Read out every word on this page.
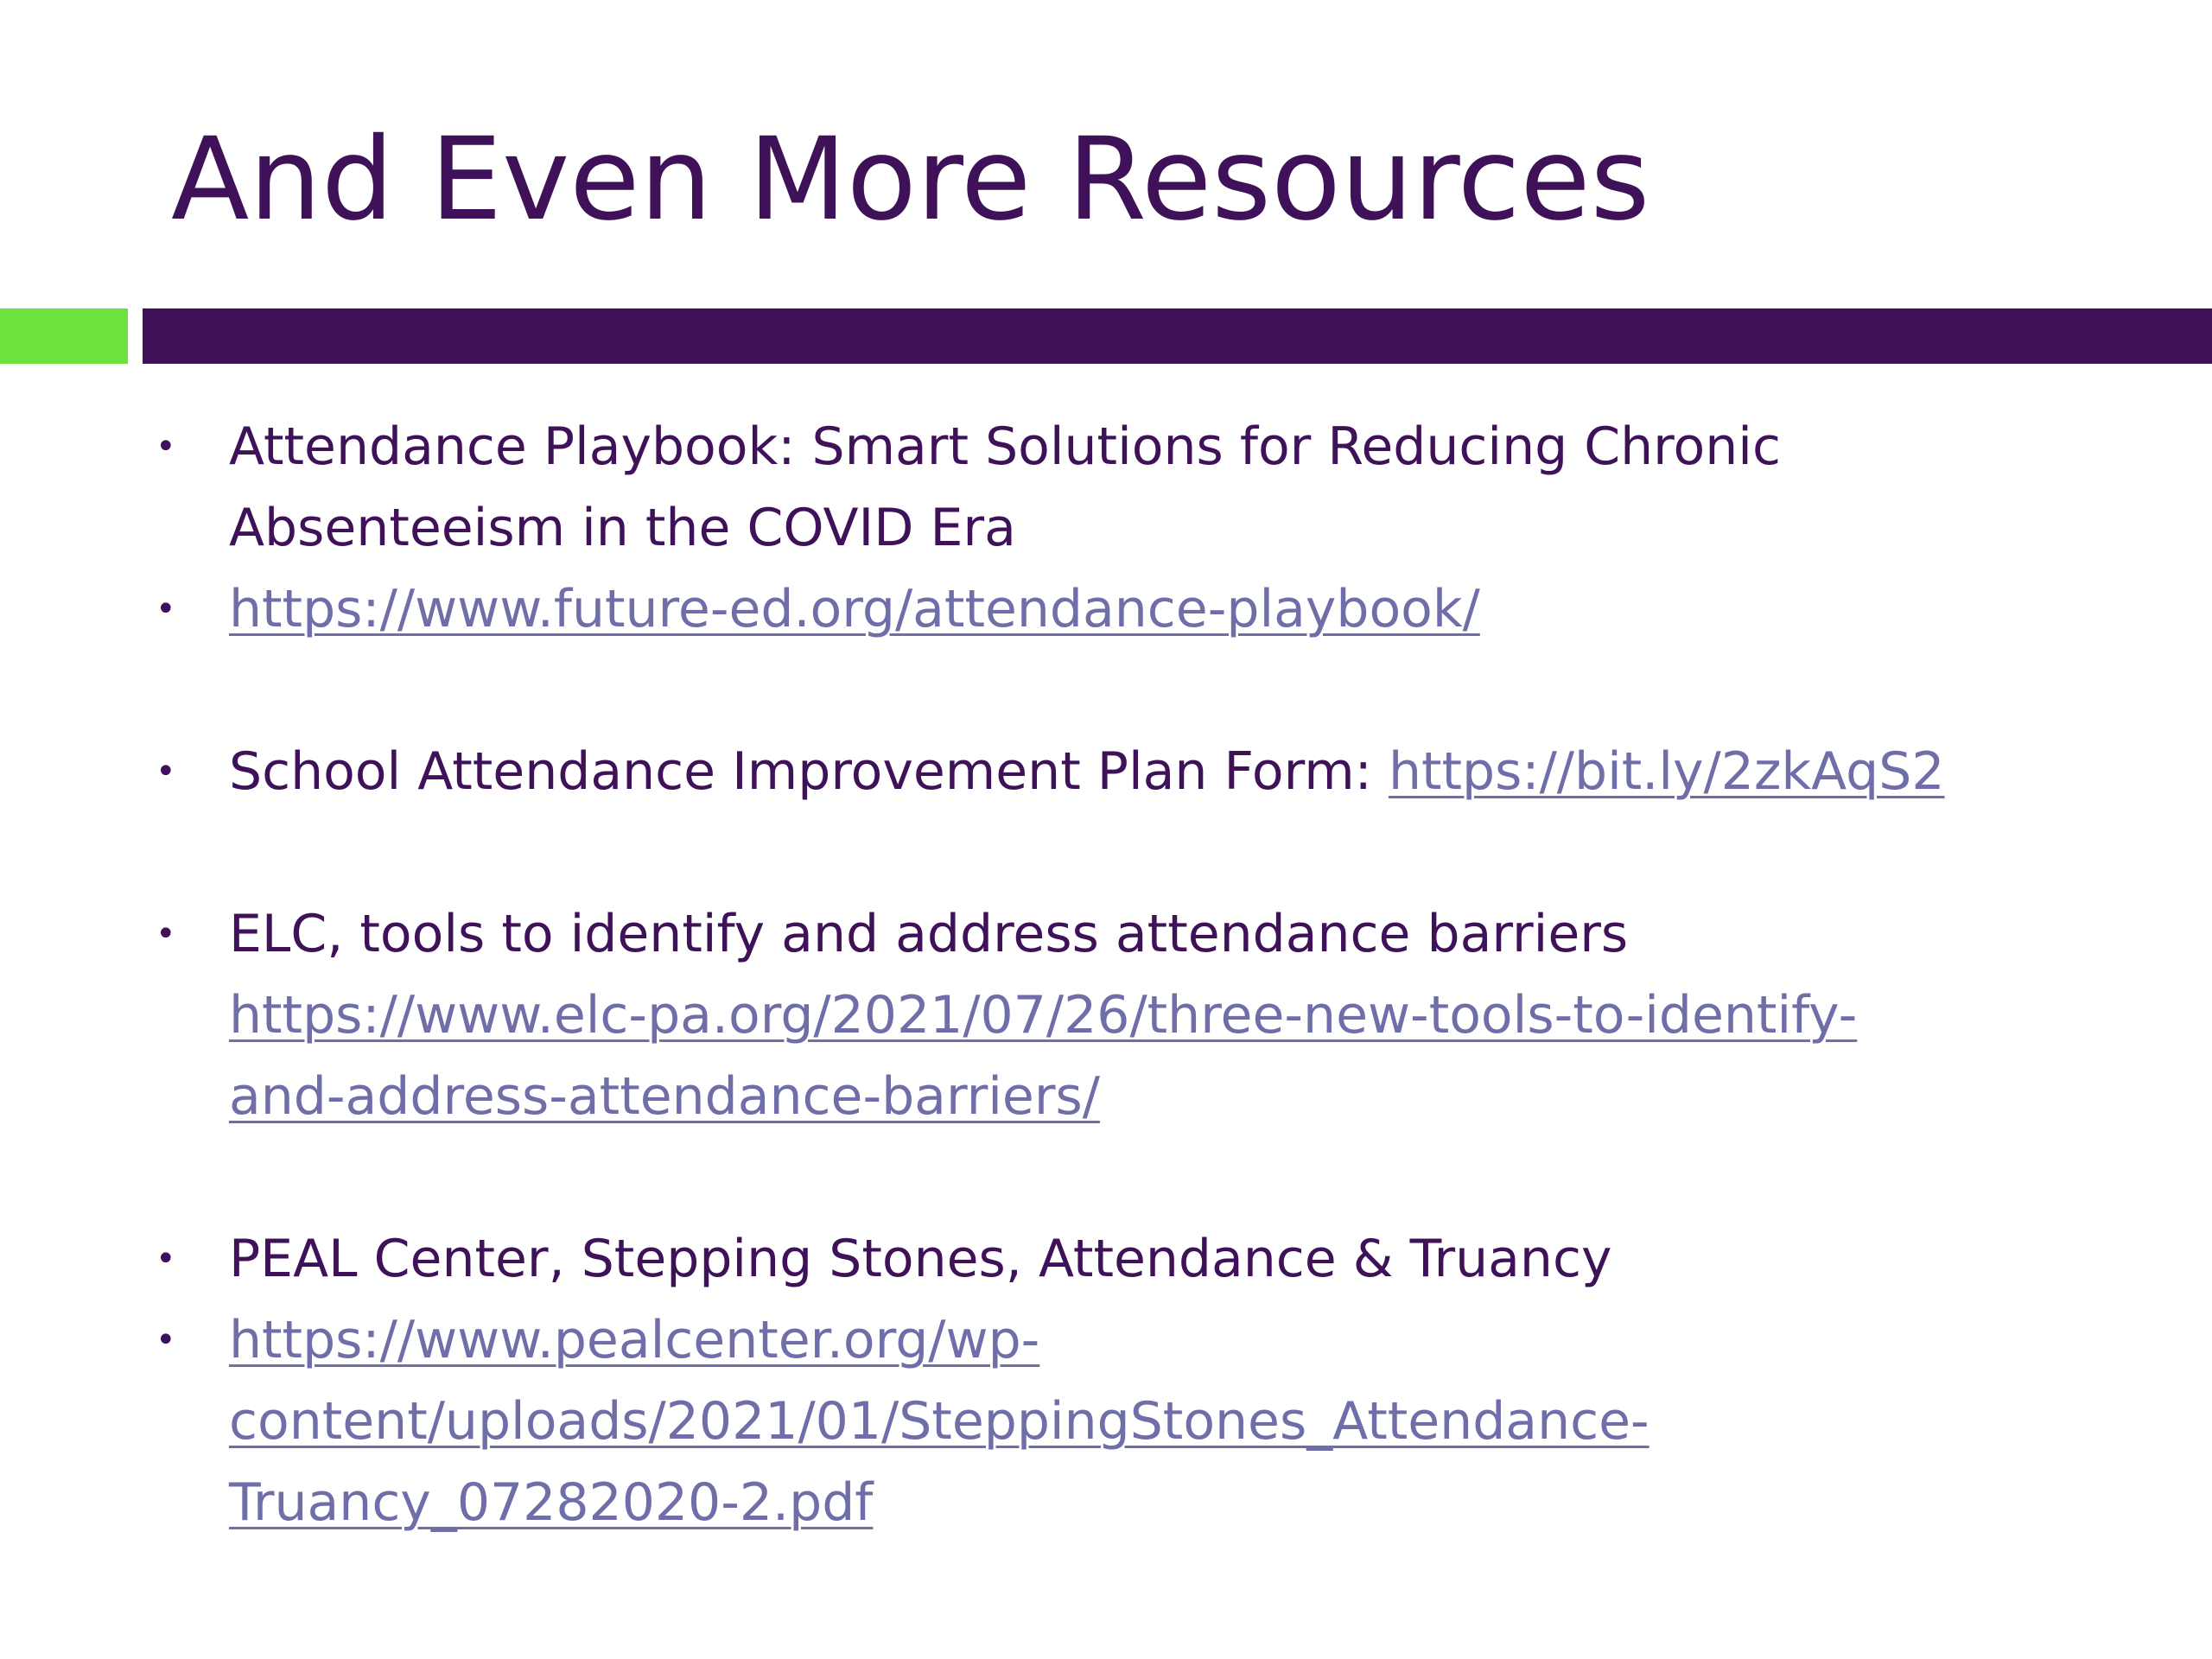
And Even More Resources
• Attendance Playbook: Smart Solutions for Reducing Chronic
Absenteeism in the COVID Era
• https://www.future-ed.org/attendance-playbook/
• School Attendance Improvement Plan Form: https://bit.ly/2zkAqS2
• ELC, tools to identify and address attendance barriers
https://www.elc-pa.org/2021/07/26/three-new-tools-to-identify-
and-address-attendance-barriers/
• PEAL Center, Stepping Stones, Attendance & Truancy
• https://www.pealcenter.org/wp-
content/uploads/2021/01/SteppingStones_Attendance-
Truancy_07282020-2.pdf
